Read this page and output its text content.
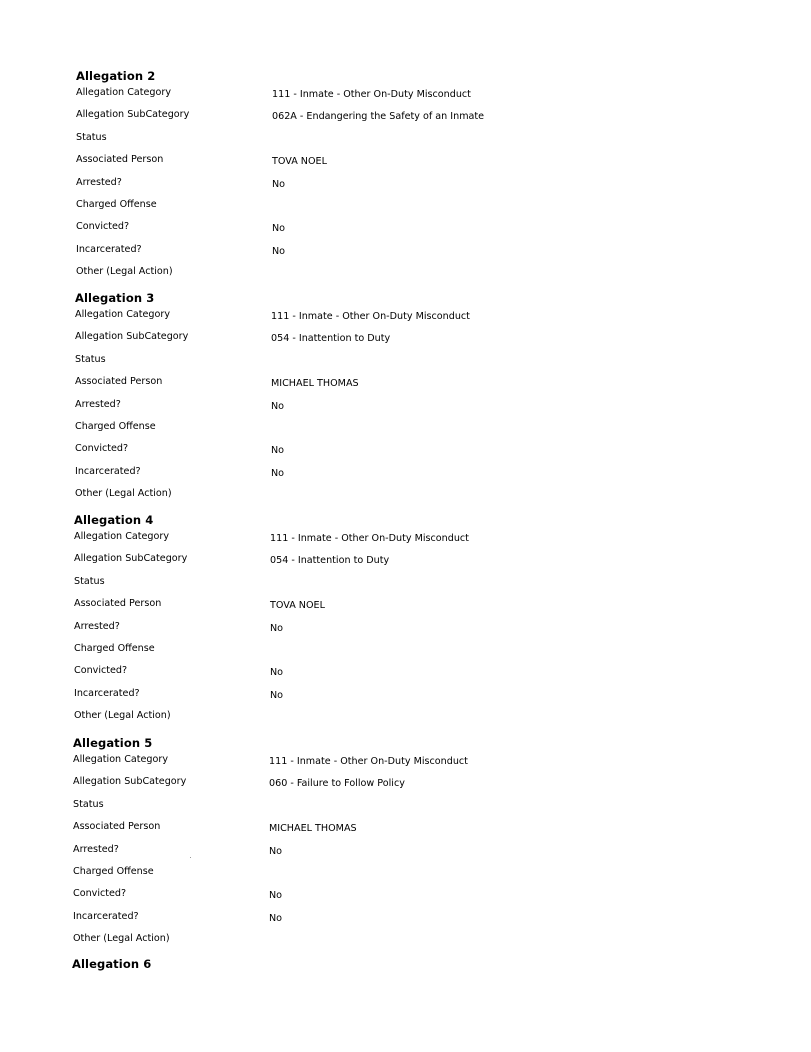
Allegation 2
Allegation Category	111 - Inmate - Other On-Duty Misconduct
Allegation SubCategory	062A - Endangering the Safety of an Inmate
Status
Associated Person	TOVA NOEL
Arrested?	No
Charged Offense
Convicted?	No
Incarcerated?	No
Other (Legal Action)
Allegation 3
Allegation Category	111 - Inmate - Other On-Duty Misconduct
Allegation SubCategory	054 - Inattention to Duty
Status
Associated Person	MICHAEL THOMAS
Arrested?	No
Charged Offense
Convicted?	No
Incarcerated?	No
Other (Legal Action)
Allegation 4
Allegation Category	111 - Inmate - Other On-Duty Misconduct
Allegation SubCategory	054 - Inattention to Duty
Status
Associated Person	TOVA NOEL
Arrested?	No
Charged Offense
Convicted?	No
Incarcerated?	No
Other (Legal Action)
Allegation 5
Allegation Category	111 - Inmate - Other On-Duty Misconduct
Allegation SubCategory	060 - Failure to Follow Policy
Status
Associated Person	MICHAEL THOMAS
Arrested?	No
Charged Offense
Convicted?	No
Incarcerated?	No
Other (Legal Action)
Allegation 6
